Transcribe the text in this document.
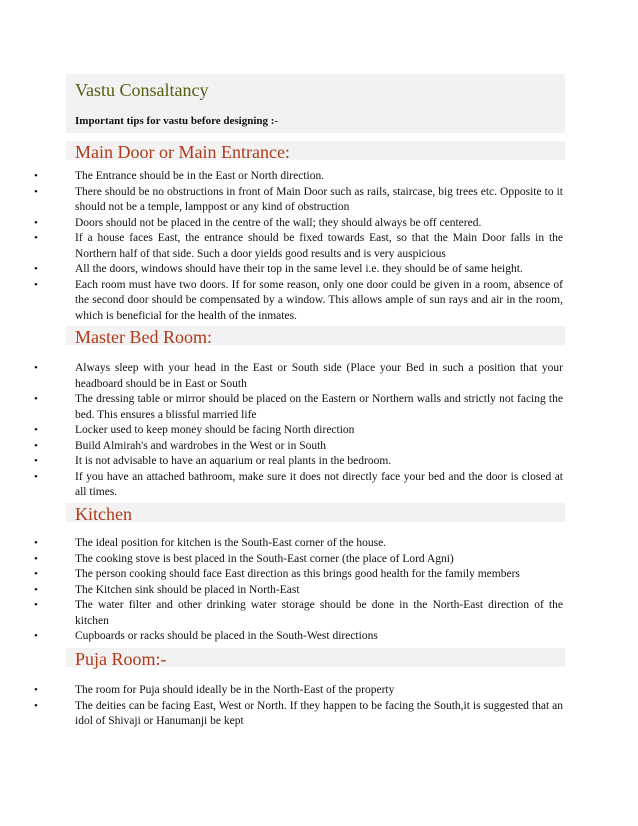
Vastu Consaltancy
Important tips for vastu before designing :-
Main Door or Main Entrance:
•	The Entrance should be in the East or North direction.
•	There should be no obstructions in front of Main Door such as rails, staircase, big trees etc. Opposite to it should not be a temple, lamppost or any kind of obstruction
•	Doors should not be placed in the centre of the wall; they should always be off centered.
•	If a house faces East, the entrance should be fixed towards East, so that the Main Door falls in the Northern half of that side. Such a door yields good results and is very auspicious
•	All the doors, windows should have their top in the same level i.e. they should be of same height.
•	Each room must have two doors. If for some reason, only one door could be given in a room, absence of the second door should be compensated by a window. This allows ample of sun rays and air in the room, which is beneficial for the health of the inmates.
Master Bed Room:
•	Always sleep with your head in the East or South side (Place your Bed in such a position that your headboard should be in East or South
•	The dressing table or mirror should be placed on the Eastern or Northern walls and strictly not facing the bed. This ensures a blissful married life
•	Locker used to keep money should be facing North direction
•	Build Almirah's and wardrobes in the West or in South
•	It is not advisable to have an aquarium or real plants in the bedroom.
•	If you have an attached bathroom, make sure it does not directly face your bed and the door is closed at all times.
Kitchen
•	The ideal position for kitchen is the South-East corner of the house.
•	The cooking stove is best placed in the South-East corner (the place of Lord Agni)
•	The person cooking should face East direction as this brings good health for the family members
•	The Kitchen sink should be placed in North-East
•	The water filter and other drinking water storage should be done in the North-East direction of the kitchen
•	Cupboards or racks should be placed in the South-West directions
Puja Room:-
•	The room for Puja should ideally be in the North-East of the property
•	The deities can be facing East, West or North. If they happen to be facing the South,it is suggested that an idol of Shivaji or Hanumanji be kept
